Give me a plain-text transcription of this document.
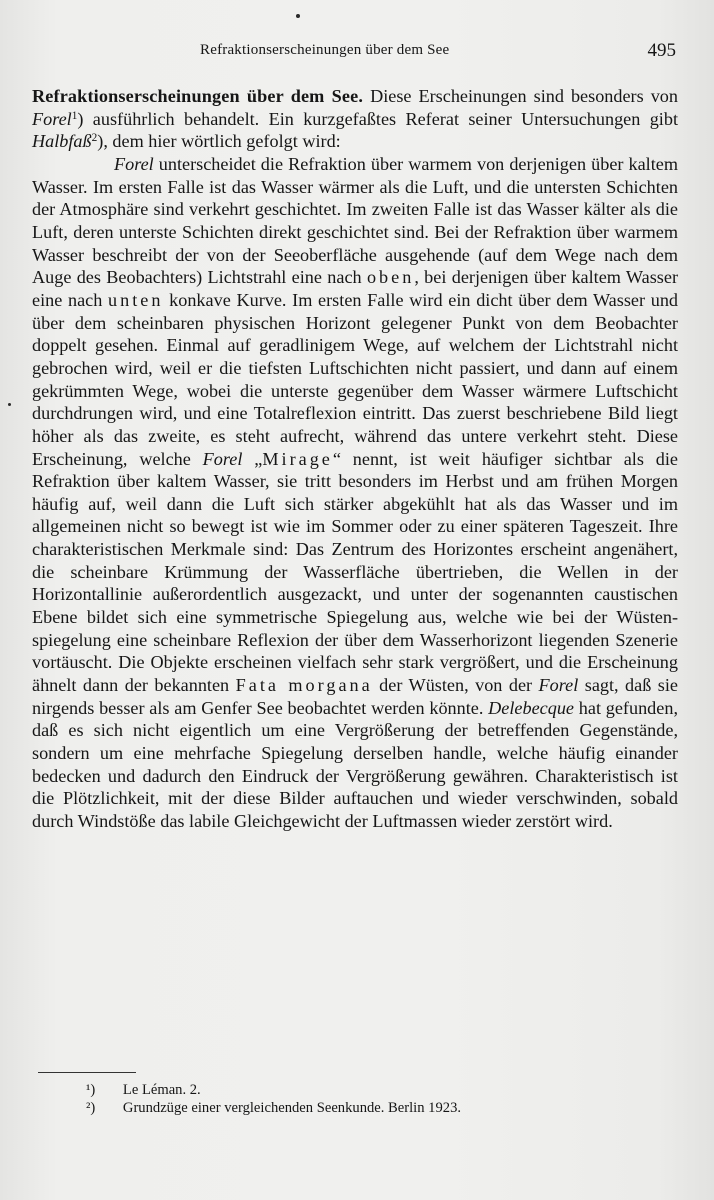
Refraktionserscheinungen über dem See	495

Refraktionserscheinungen über dem See. Diese Erscheinungen sind besonders von Forel$^1$) ausführlich behandelt. Ein kurzgefaßtes Referat seiner Untersuchungen gibt Halbfaß$^2$), dem hier wörtlich gefolgt wird:

Forel unterscheidet die Refraktion über warmem von derjenigen über kaltem Wasser. Im ersten Falle ist das Wasser wärmer als die Luft, und die untersten Schichten der Atmosphäre sind verkehrt geschichtet. Im zweiten Falle ist das Wasser kälter als die Luft, deren unterste Schichten direkt geschichtet sind. Bei der Refraktion über warmem Wasser beschreibt der von der Seeoberfläche ausgehende (auf dem Wege nach dem Auge des Beobachters) Lichtstrahl eine nach oben, bei derjenigen über kaltem Wasser eine nach unten konkave Kurve. Im ersten Falle wird ein dicht über dem Wasser und über dem scheinbaren physischen Horizont gelegener Punkt von dem Beobachter doppelt gesehen. Einmal auf geradlinigem Wege, auf welchem der Lichtstrahl nicht gebrochen wird, weil er die tiefsten Luftschichten nicht passiert, und dann auf einem gekrümmten Wege, wobei die unterste gegenüber dem Wasser wärmere Luftschicht durchdrungen wird, und eine Totalreflexion eintritt. Das zuerst beschriebene Bild liegt höher als das zweite, es steht aufrecht, während das untere verkehrt steht. Diese Erscheinung, welche Forel „Mirage“ nennt, ist weit häufiger sichtbar als die Refraktion über kaltem Wasser, sie tritt besonders im Herbst und am frühen Morgen häufig auf, weil dann die Luft sich stärker abgekühlt hat als das Wasser und im allgemeinen nicht so bewegt ist wie im Sommer oder zu einer späteren Tageszeit. Ihre charakteristischen Merkmale sind: Das Zentrum des Horizontes erscheint angenähert, die scheinbare Krümmung der Wasserfläche übertrieben, die Wellen in der Horizontallinie außerordentlich ausgezackt, und unter der sogenannten caustischen Ebene bildet sich eine symmetrische Spiegelung aus, welche wie bei der Wüstenspiegelung eine scheinbare Reflexion der über dem Wasserhorizont liegenden Szenerie vortäuscht. Die Objekte erscheinen vielfach sehr stark vergrößert, und die Erscheinung ähnelt dann der bekannten Fata morgana der Wüsten, von der Forel sagt, daß sie nirgends besser als am Genfer See beobachtet werden könnte. Delebecque hat gefunden, daß es sich nicht eigentlich um eine Vergrößerung der betreffenden Gegenstände, sondern um eine mehrfache Spiegelung derselben handle, welche häufig einander bedecken und dadurch den Eindruck der Vergrößerung gewähren. Charakteristisch ist die Plötzlichkeit, mit der diese Bilder auftauchen und wieder verschwinden, sobald durch Windstöße das labile Gleichgewicht der Luftmassen wieder zerstört wird.

¹) Le Léman. 2.
²) Grundzüge einer vergleichenden Seenkunde. Berlin 1923.
